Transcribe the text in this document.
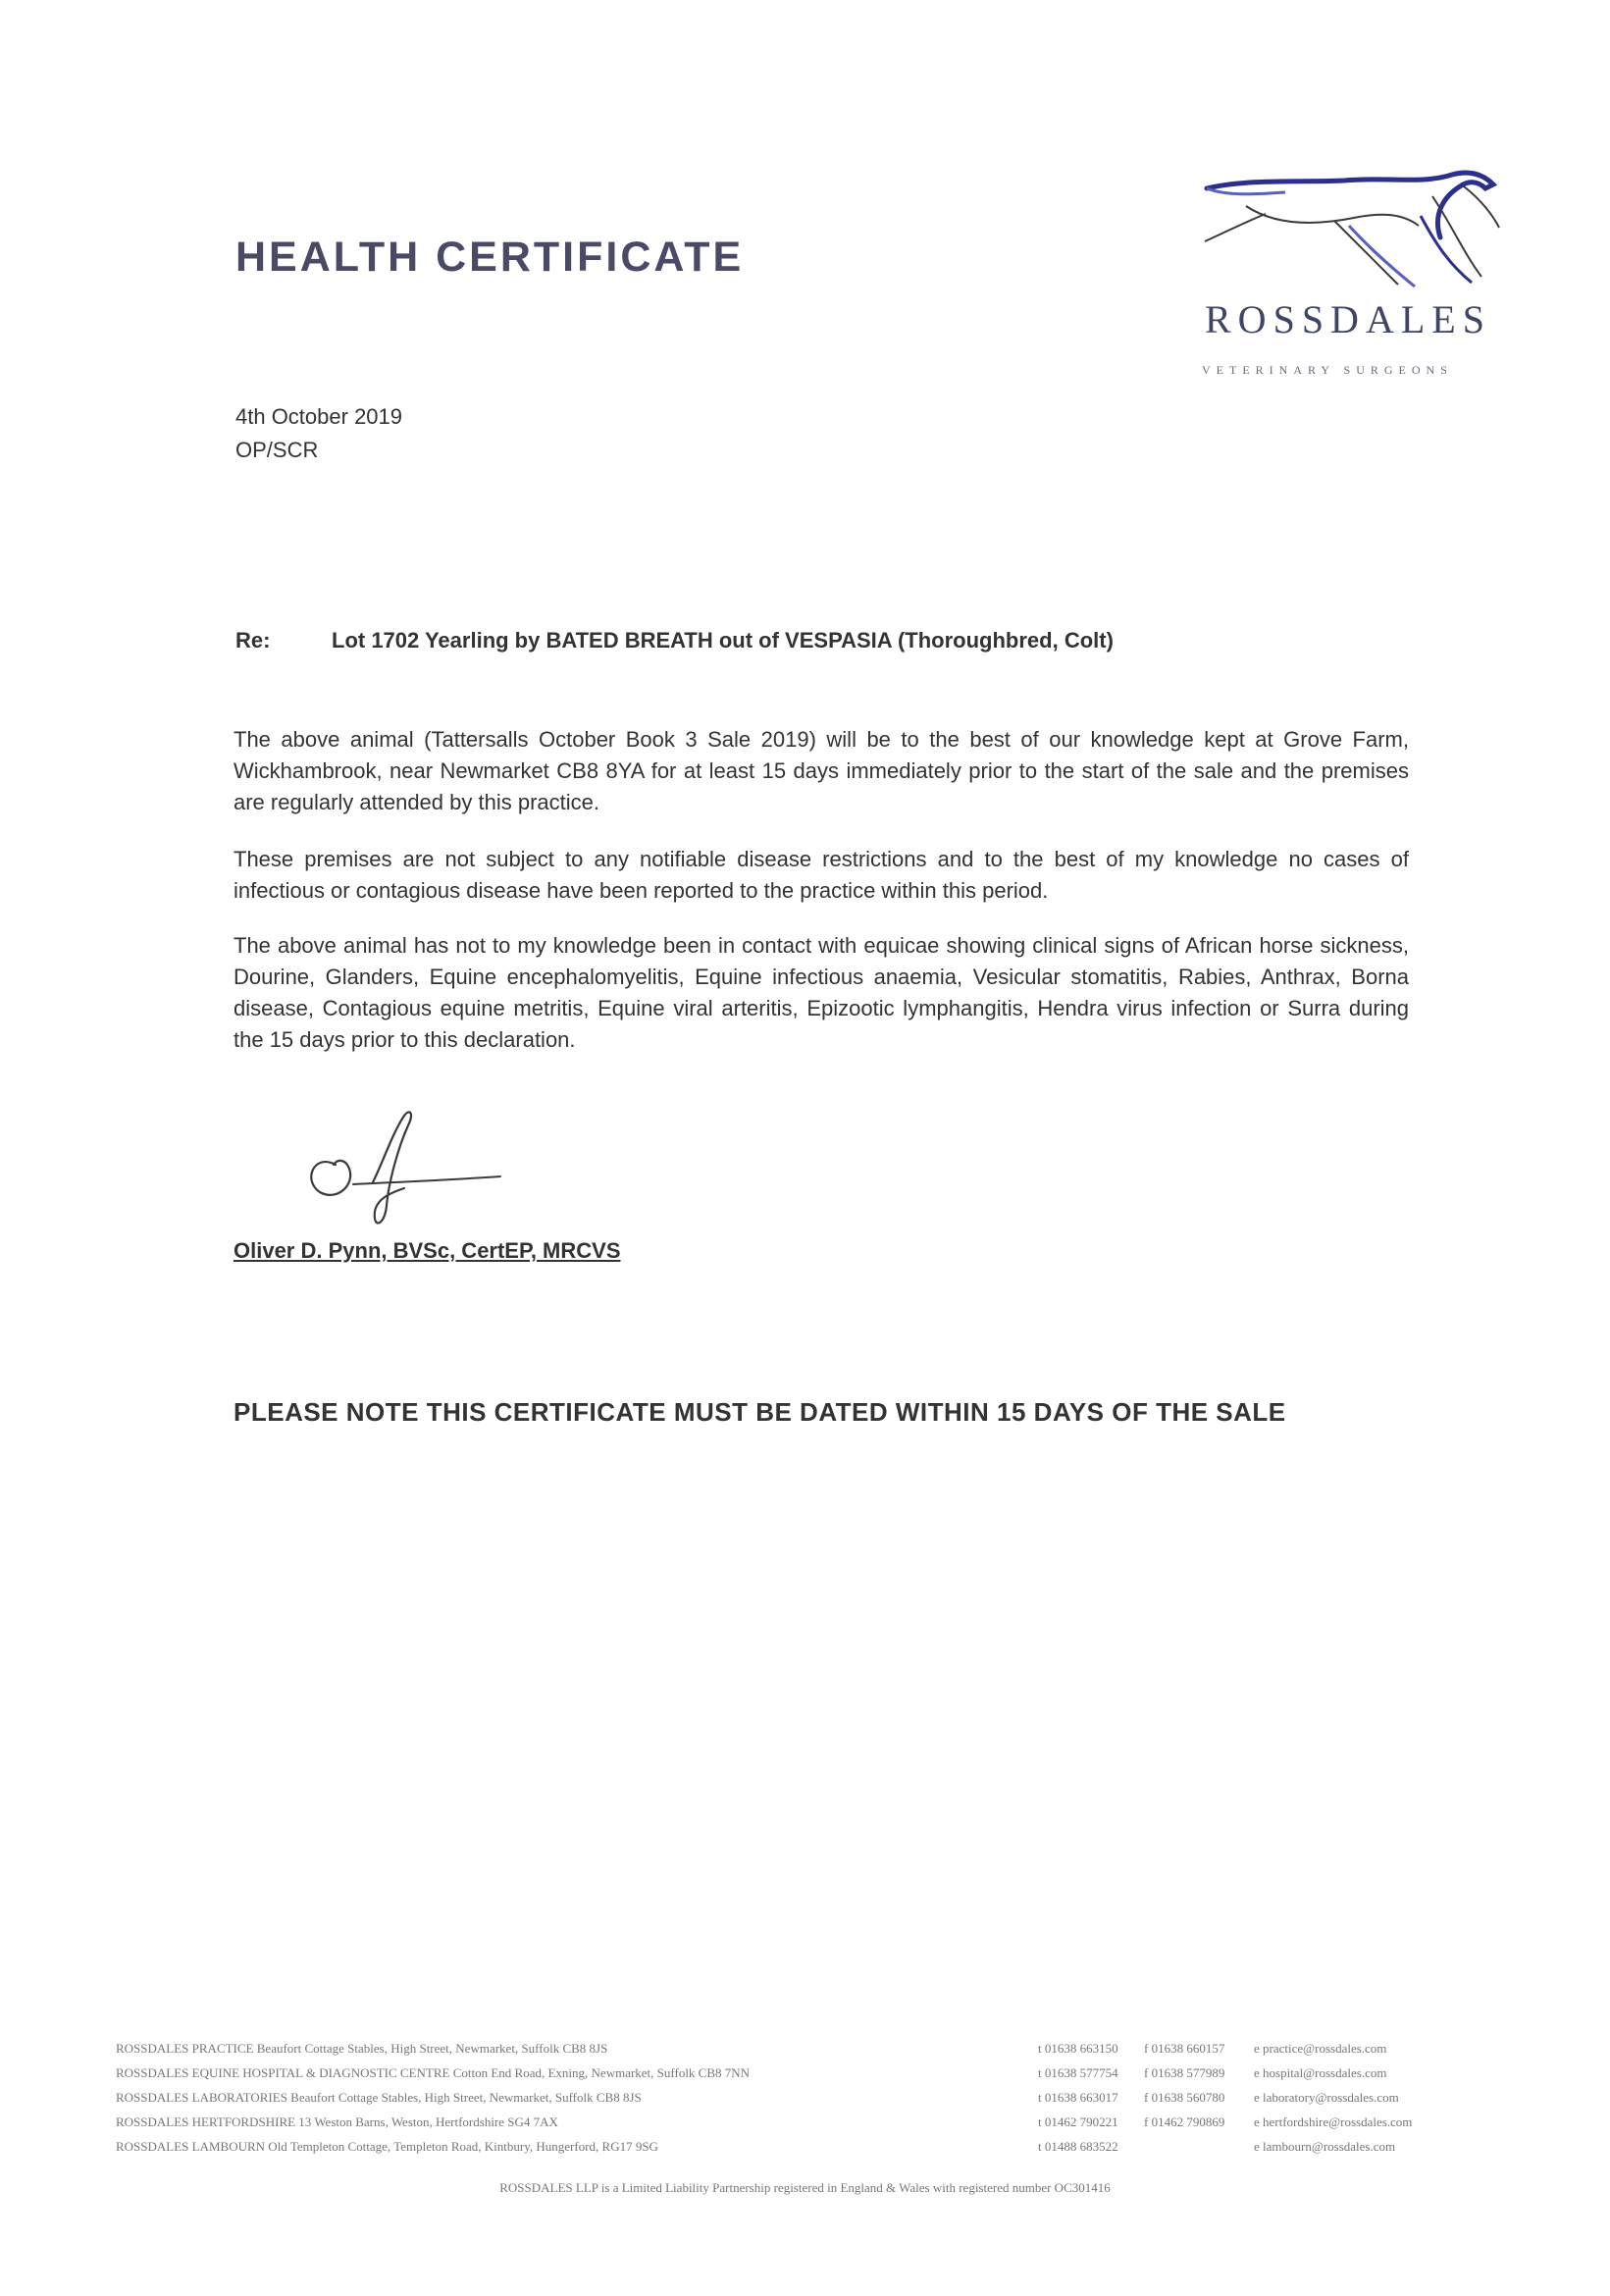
HEALTH CERTIFICATE
ROSSDALES
VETERINARY SURGEONS
4th October 2019
OP/SCR
Re:	Lot 1702 Yearling by BATED BREATH out of VESPASIA (Thoroughbred, Colt)
The above animal (Tattersalls October Book 3 Sale 2019) will be to the best of our knowledge kept at Grove Farm, Wickhambrook, near Newmarket CB8 8YA for at least 15 days immediately prior to the start of the sale and the premises are regularly attended by this practice.
These premises are not subject to any notifiable disease restrictions and to the best of my knowledge no cases of infectious or contagious disease have been reported to the practice within this period.
The above animal has not to my knowledge been in contact with equicae showing clinical signs of African horse sickness, Dourine, Glanders, Equine encephalomyelitis, Equine infectious anaemia, Vesicular stomatitis, Rabies, Anthrax, Borna disease, Contagious equine metritis, Equine viral arteritis, Epizootic lymphangitis, Hendra virus infection or Surra during the 15 days prior to this declaration.
Oliver D. Pynn, BVSc, CertEP, MRCVS
PLEASE NOTE THIS CERTIFICATE MUST BE DATED WITHIN 15 DAYS OF THE SALE
ROSSDALES PRACTICE Beaufort Cottage Stables, High Street, Newmarket, Suffolk CB8 8JS	t 01638 663150 f 01638 660157 e practice@rossdales.com
ROSSDALES EQUINE HOSPITAL & DIAGNOSTIC CENTRE Cotton End Road, Exning, Newmarket, Suffolk CB8 7NN	t 01638 577754 f 01638 577989 e hospital@rossdales.com
ROSSDALES LABORATORIES Beaufort Cottage Stables, High Street, Newmarket, Suffolk CB8 8JS	t 01638 663017 f 01638 560780 e laboratory@rossdales.com
ROSSDALES HERTFORDSHIRE 13 Weston Barns, Weston, Hertfordshire SG4 7AX	t 01462 790221 f 01462 790869 e hertfordshire@rossdales.com
ROSSDALES LAMBOURN Old Templeton Cottage, Templeton Road, Kintbury, Hungerford, RG17 9SG	t 01488 683522	e lambourn@rossdales.com
ROSSDALES LLP is a Limited Liability Partnership registered in England & Wales with registered number OC301416
